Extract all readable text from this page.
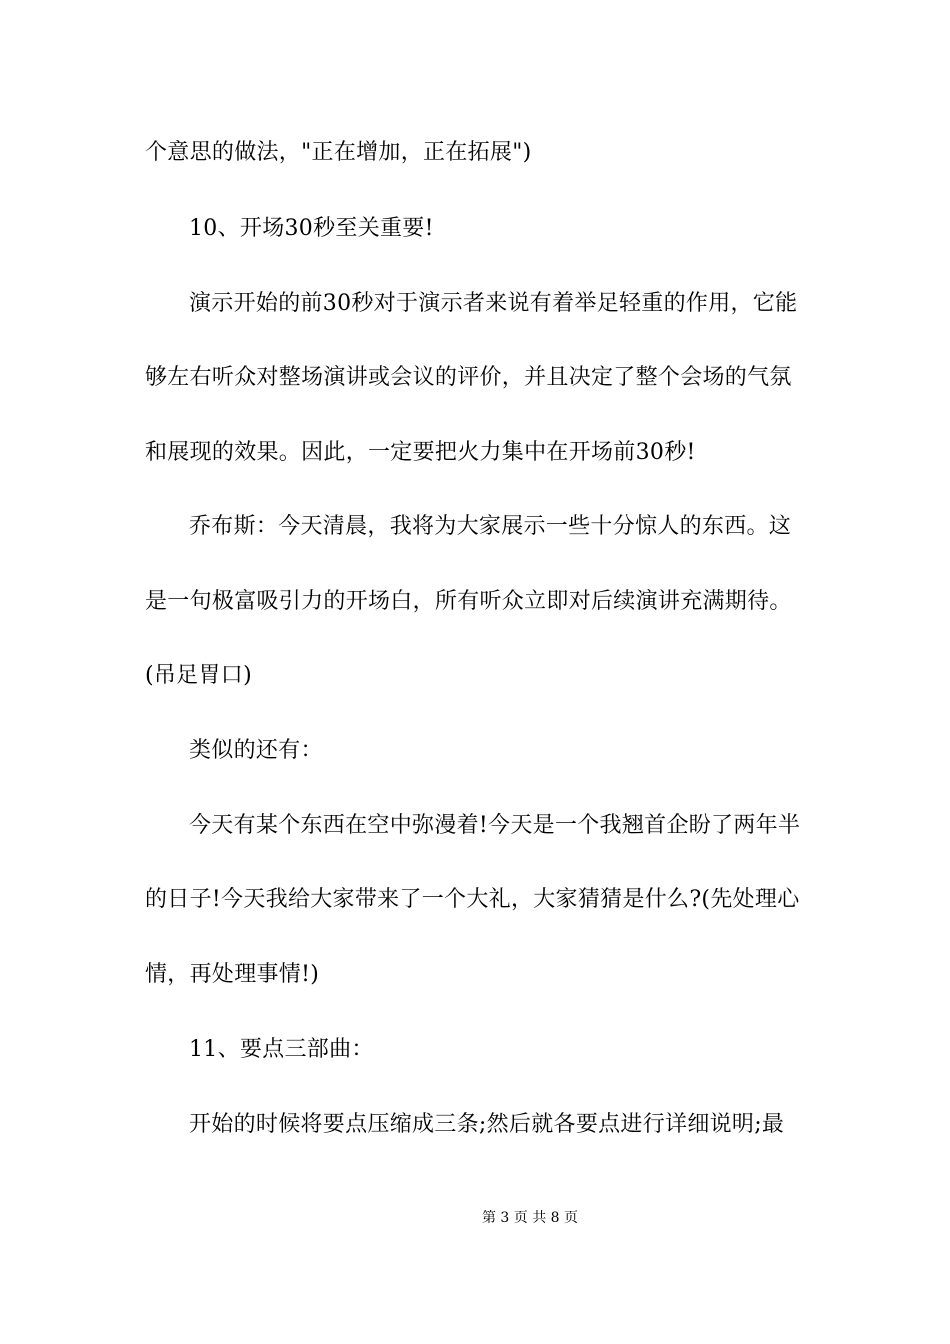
个意思的做法，"正在增加，正在拓展")
10、开场30秒至关重要!
演示开始的前30秒对于演示者来说有着举足轻重的作用，它能
够左右听众对整场演讲或会议的评价，并且决定了整个会场的气氛
和展现的效果。因此，一定要把火力集中在开场前30秒!
乔布斯：今天清晨，我将为大家展示一些十分惊人的东西。这
是一句极富吸引力的开场白，所有听众立即对后续演讲充满期待。
(吊足胃口)
类似的还有：
今天有某个东西在空中弥漫着!今天是一个我翘首企盼了两年半
的日子!今天我给大家带来了一个大礼，大家猜猜是什么?(先处理心
情，再处理事情!)
11、要点三部曲：
开始的时候将要点压缩成三条;然后就各要点进行详细说明;最
第 3 页 共 8 页
